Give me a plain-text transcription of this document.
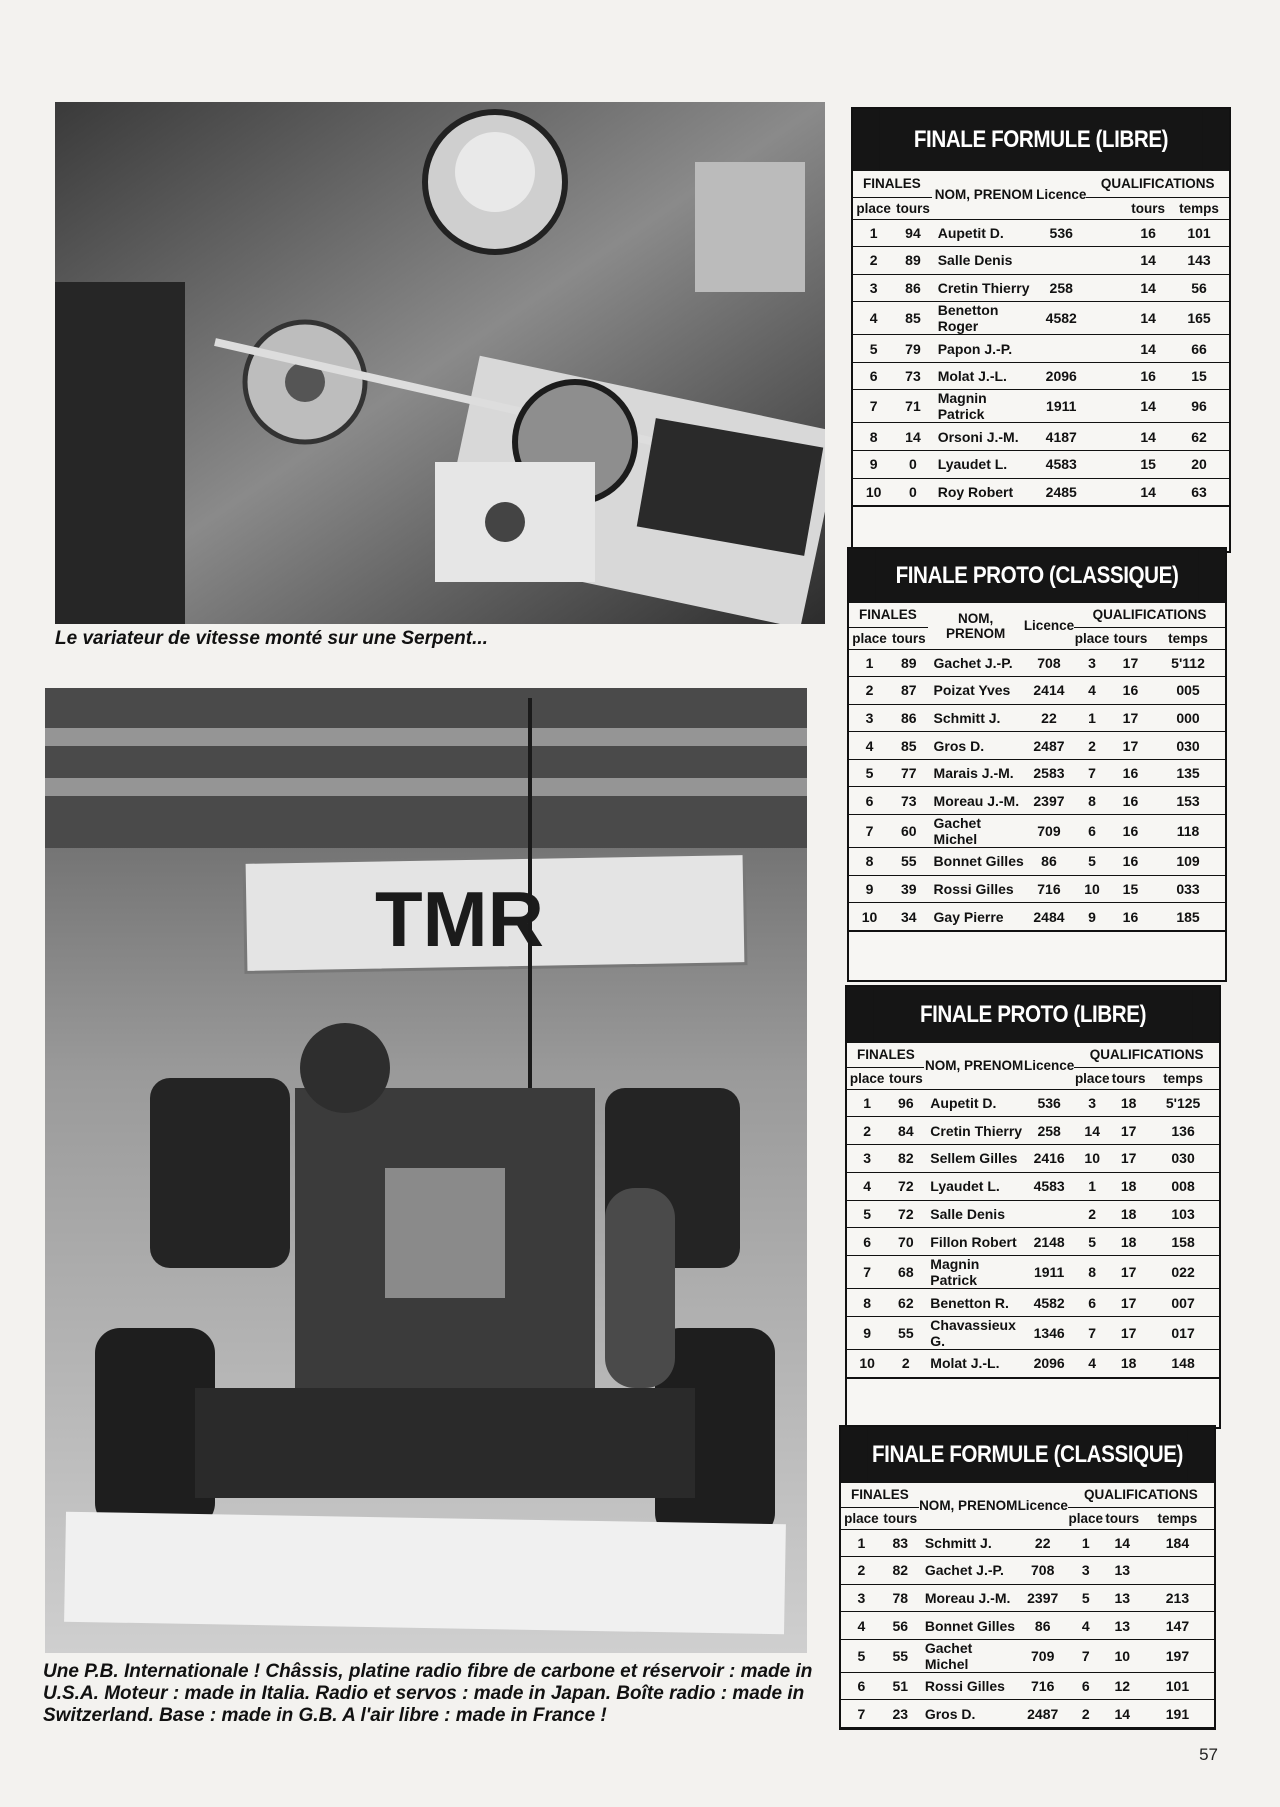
Le variateur de vitesse monté sur une Serpent...
TMR
Une P.B. Internationale ! Châssis, platine radio fibre de carbone et réservoir : made in U.S.A. Moteur : made in Italia. Radio et servos : made in Japan. Boîte radio : made in Switzerland. Base : made in G.B. A l'air libre : made in France !
FINALE FORMULE (LIBRE)
FINALES		NOM, PRENOM	Licence	QUALIFICATIONS		
place	tours				tours	temps
1	94	Aupetit D.	536		16	101
2	89	Salle Denis			14	143
3	86	Cretin Thierry	258		14	56
4	85	Benetton Roger	4582		14	165
5	79	Papon J.-P.			14	66
6	73	Molat J.-L.	2096		16	15
7	71	Magnin Patrick	1911		14	96
8	14	Orsoni J.-M.	4187		14	62
9	0	Lyaudet L.	4583		15	20
10	0	Roy Robert	2485		14	63
FINALE PROTO (CLASSIQUE)
FINALES		NOM, PRENOM	Licence	QUALIFICATIONS		
place	tours			place	tours	temps
1	89	Gachet J.-P.	708	3	17	5'112
2	87	Poizat Yves	2414	4	16	005
3	86	Schmitt J.	22	1	17	000
4	85	Gros D.	2487	2	17	030
5	77	Marais J.-M.	2583	7	16	135
6	73	Moreau J.-M.	2397	8	16	153
7	60	Gachet Michel	709	6	16	118
8	55	Bonnet Gilles	86	5	16	109
9	39	Rossi Gilles	716	10	15	033
10	34	Gay Pierre	2484	9	16	185
FINALE PROTO (LIBRE)
FINALES		NOM, PRENOM	Licence	QUALIFICATIONS		
place	tours			place	tours	temps
1	96	Aupetit D.	536	3	18	5'125
2	84	Cretin Thierry	258	14	17	136
3	82	Sellem Gilles	2416	10	17	030
4	72	Lyaudet L.	4583	1	18	008
5	72	Salle Denis		2	18	103
6	70	Fillon Robert	2148	5	18	158
7	68	Magnin Patrick	1911	8	17	022
8	62	Benetton R.	4582	6	17	007
9	55	Chavassieux G.	1346	7	17	017
10	2	Molat J.-L.	2096	4	18	148
FINALE FORMULE (CLASSIQUE)
FINALES		NOM, PRENOM	Licence	QUALIFICATIONS		
place	tours			place	tours	temps
1	83	Schmitt J.	22	1	14	184
2	82	Gachet J.-P.	708	3	13	
3	78	Moreau J.-M.	2397	5	13	213
4	56	Bonnet Gilles	86	4	13	147
5	55	Gachet Michel	709	7	10	197
6	51	Rossi Gilles	716	6	12	101
7	23	Gros D.	2487	2	14	191
57
